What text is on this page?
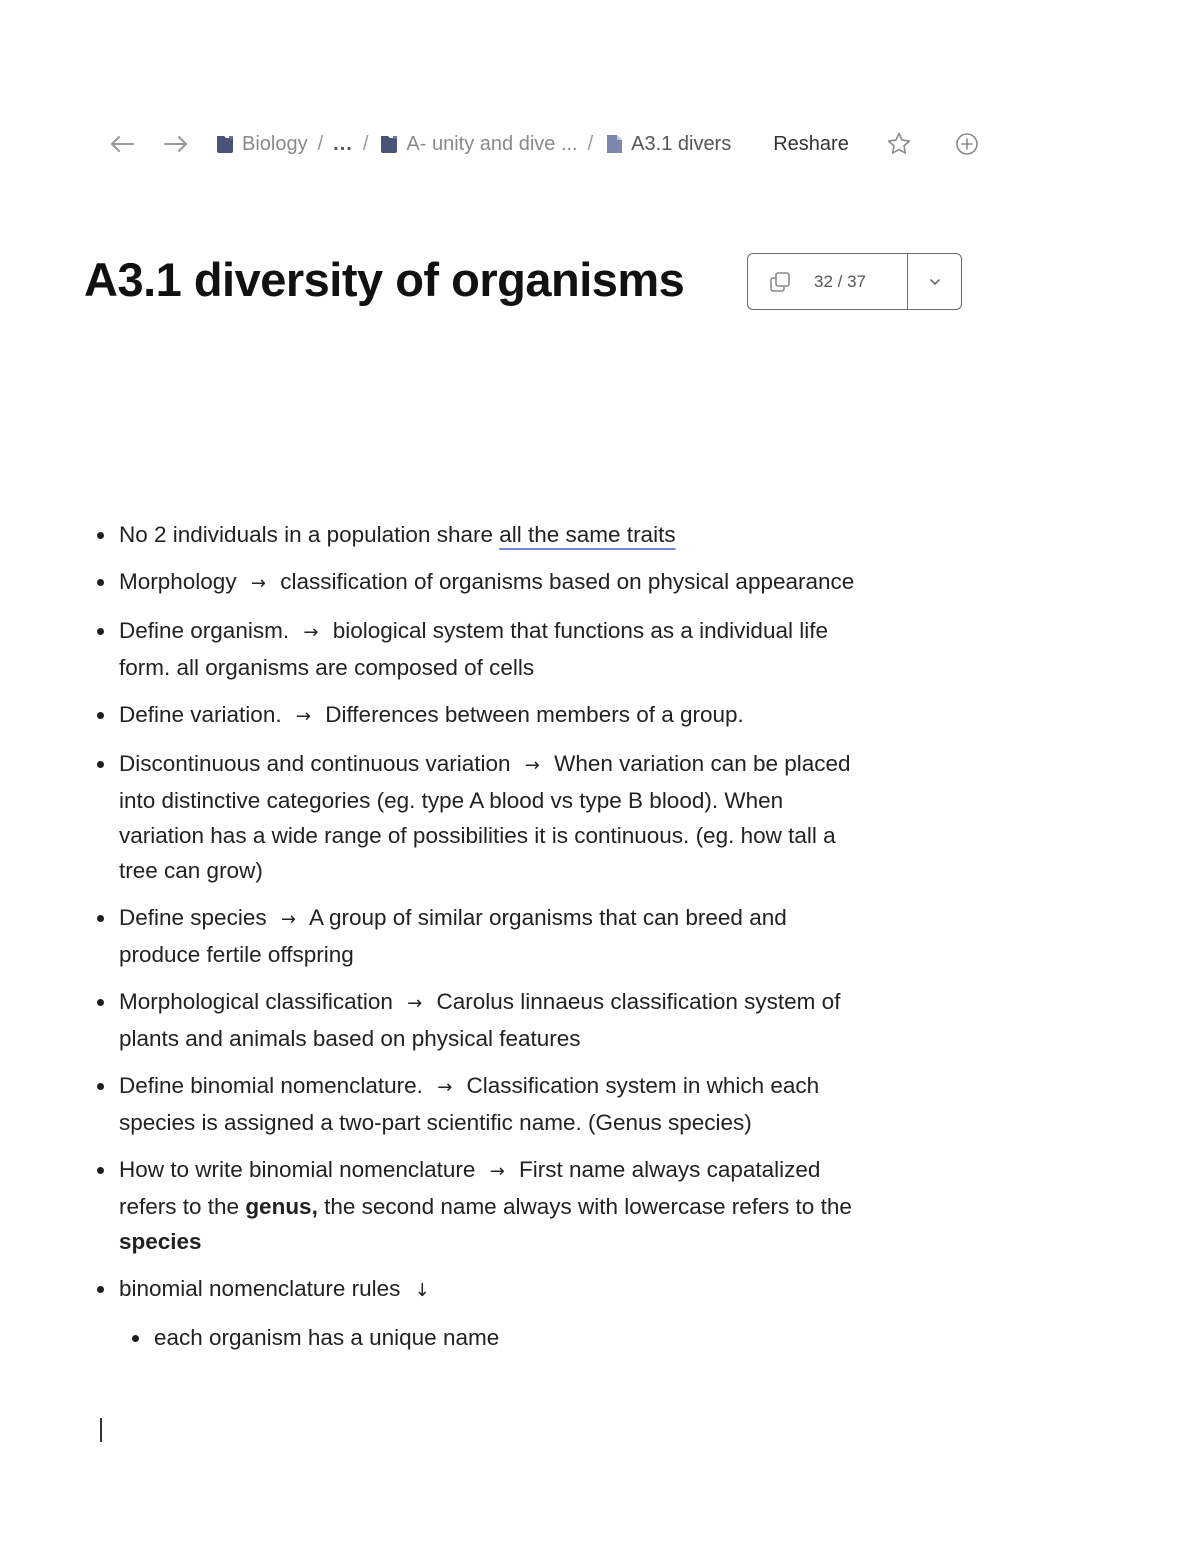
Biology / ... / A- unity and dive ... / A3.1 divers Reshare
A3.1 diversity of organisms	32 / 37
No 2 individuals in a population share all the same traits
Morphology → classification of organisms based on physical appearance
Define organism. → biological system that functions as a individual life form. all organisms are composed of cells
Define variation. → Differences between members of a group.
Discontinuous and continuous variation → When variation can be placed into distinctive categories (eg. type A blood vs type B blood). When variation has a wide range of possibilities it is continuous. (eg. how tall a tree can grow)
Define species → A group of similar organisms that can breed and produce fertile offspring
Morphological classification → Carolus linnaeus classification system of plants and animals based on physical features
Define binomial nomenclature. → Classification system in which each species is assigned a two-part scientific name. (Genus species)
How to write binomial nomenclature → First name always capatalized refers to the genus, the second name always with lowercase refers to the species
binomial nomenclature rules ↓
each organism has a unique name
